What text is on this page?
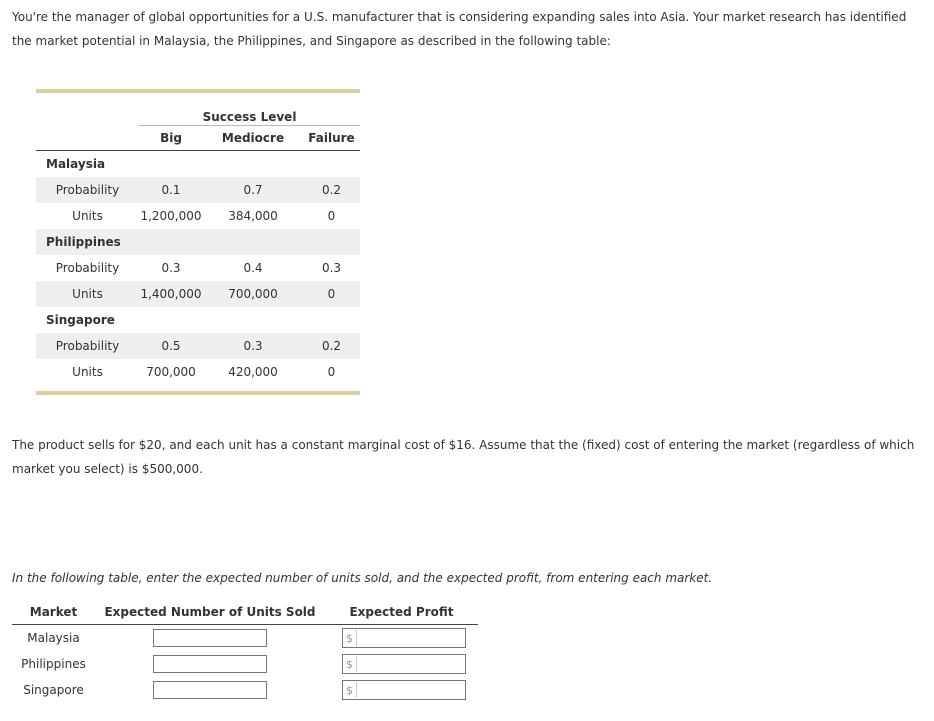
You're the manager of global opportunities for a U.S. manufacturer that is considering expanding sales into Asia. Your market research has identified the market potential in Malaysia, the Philippines, and Singapore as described in the following table:

	Success Level		
	Big	Mediocre	Failure
Malaysia			
Probability	0.1	0.7	0.2
Units	1,200,000	384,000	0
Philippines			
Probability	0.3	0.4	0.3
Units	1,400,000	700,000	0
Singapore			
Probability	0.5	0.3	0.2
Units	700,000	420,000	0

The product sells for $20, and each unit has a constant marginal cost of $16. Assume that the (fixed) cost of entering the market (regardless of which market you select) is $500,000.

In the following table, enter the expected number of units sold, and the expected profit, from entering each market.

Market	Expected Number of Units Sold	Expected Profit
Malaysia		$

Philippines		$

Singapore		$
